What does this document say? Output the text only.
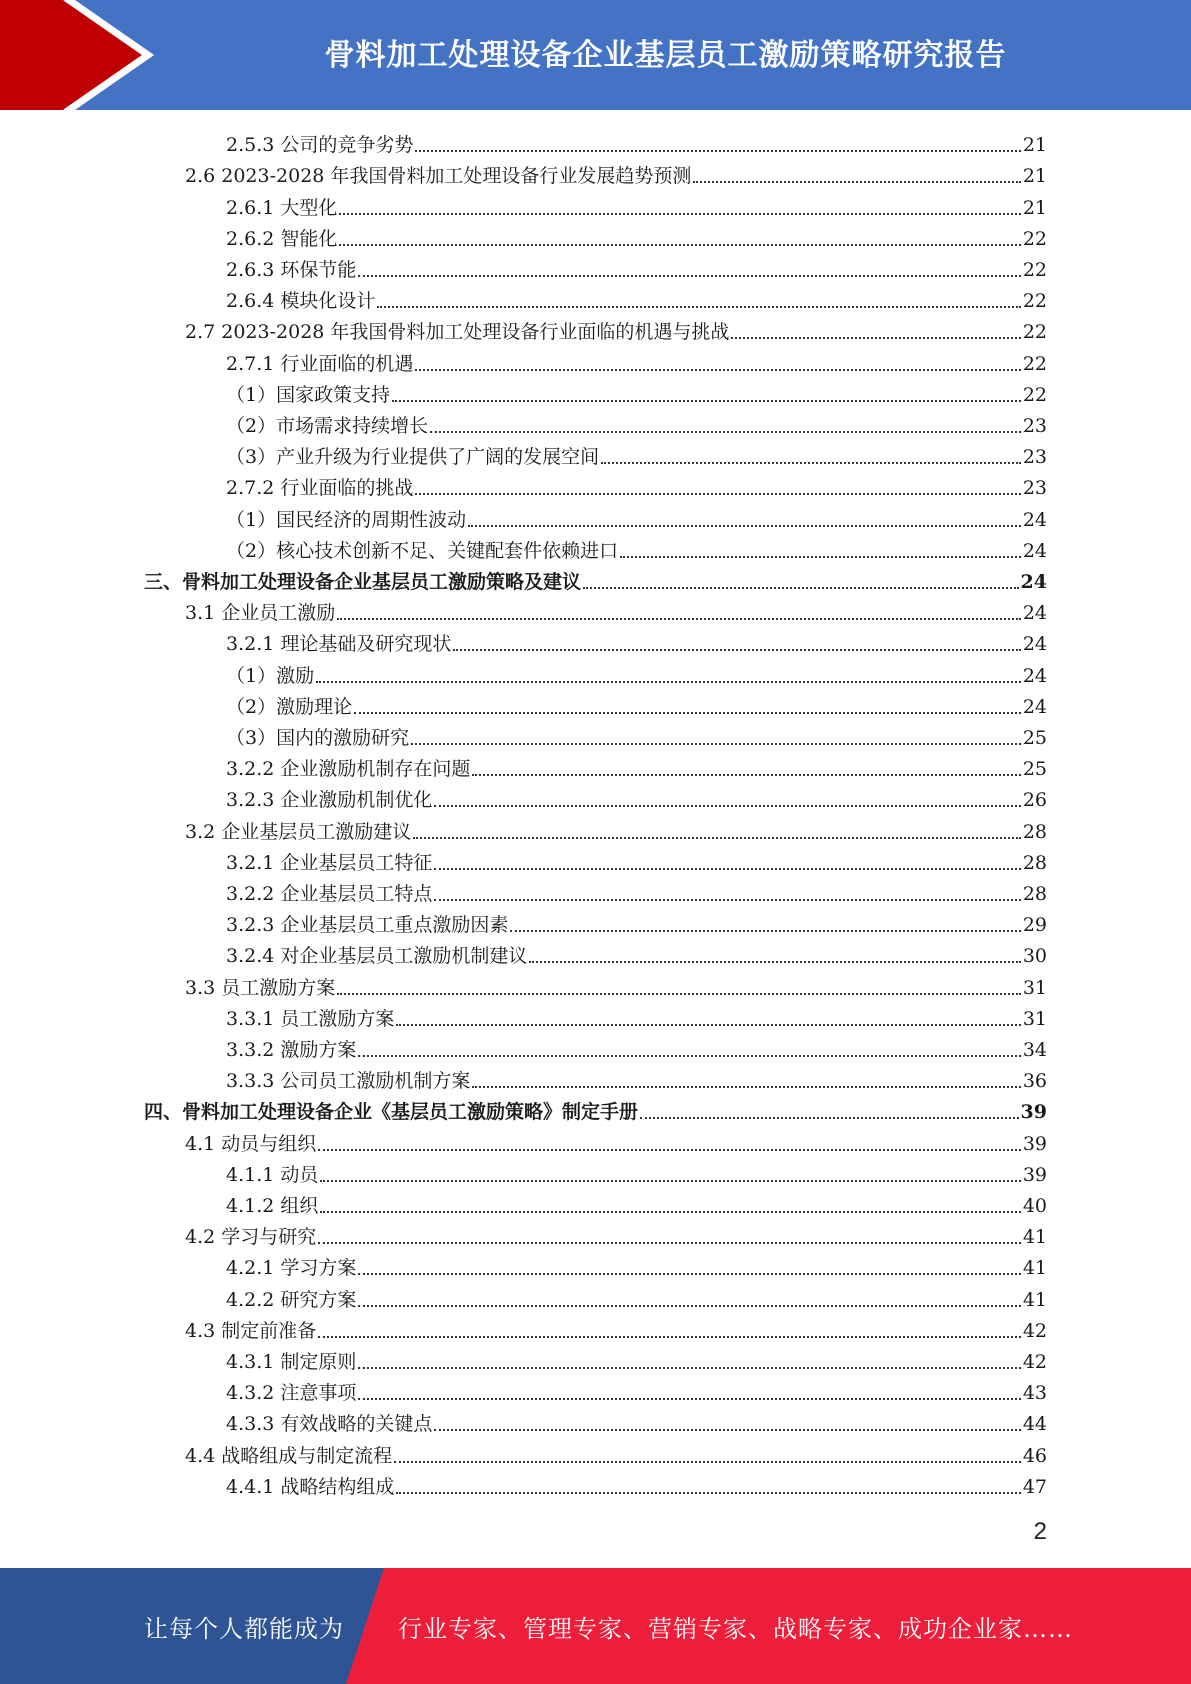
骨料加工处理设备企业基层员工激励策略研究报告
2.5.3 公司的竞争劣势	21
2.6 2023-2028 年我国骨料加工处理设备行业发展趋势预测	21
2.6.1 大型化	21
2.6.2 智能化	22
2.6.3 环保节能	22
2.6.4 模块化设计	22
2.7 2023-2028 年我国骨料加工处理设备行业面临的机遇与挑战	22
2.7.1 行业面临的机遇	22
（1）国家政策支持	22
（2）市场需求持续增长	23
（3）产业升级为行业提供了广阔的发展空间	23
2.7.2 行业面临的挑战	23
（1）国民经济的周期性波动	24
（2）核心技术创新不足、关键配套件依赖进口	24
三、骨料加工处理设备企业基层员工激励策略及建议	24
3.1 企业员工激励	24
3.2.1 理论基础及研究现状	24
（1）激励	24
（2）激励理论	24
（3）国内的激励研究	25
3.2.2 企业激励机制存在问题	25
3.2.3 企业激励机制优化	26
3.2 企业基层员工激励建议	28
3.2.1 企业基层员工特征	28
3.2.2 企业基层员工特点	28
3.2.3 企业基层员工重点激励因素	29
3.2.4 对企业基层员工激励机制建议	30
3.3 员工激励方案	31
3.3.1 员工激励方案	31
3.3.2 激励方案	34
3.3.3 公司员工激励机制方案	36
四、骨料加工处理设备企业《基层员工激励策略》制定手册	39
4.1 动员与组织	39
4.1.1 动员	39
4.1.2 组织	40
4.2 学习与研究	41
4.2.1 学习方案	41
4.2.2 研究方案	41
4.3 制定前准备	42
4.3.1 制定原则	42
4.3.2 注意事项	43
4.3.3 有效战略的关键点	44
4.4 战略组成与制定流程	46
4.4.1 战略结构组成	47
2
让每个人都能成为 行业专家、管理专家、营销专家、战略专家、成功企业家……
